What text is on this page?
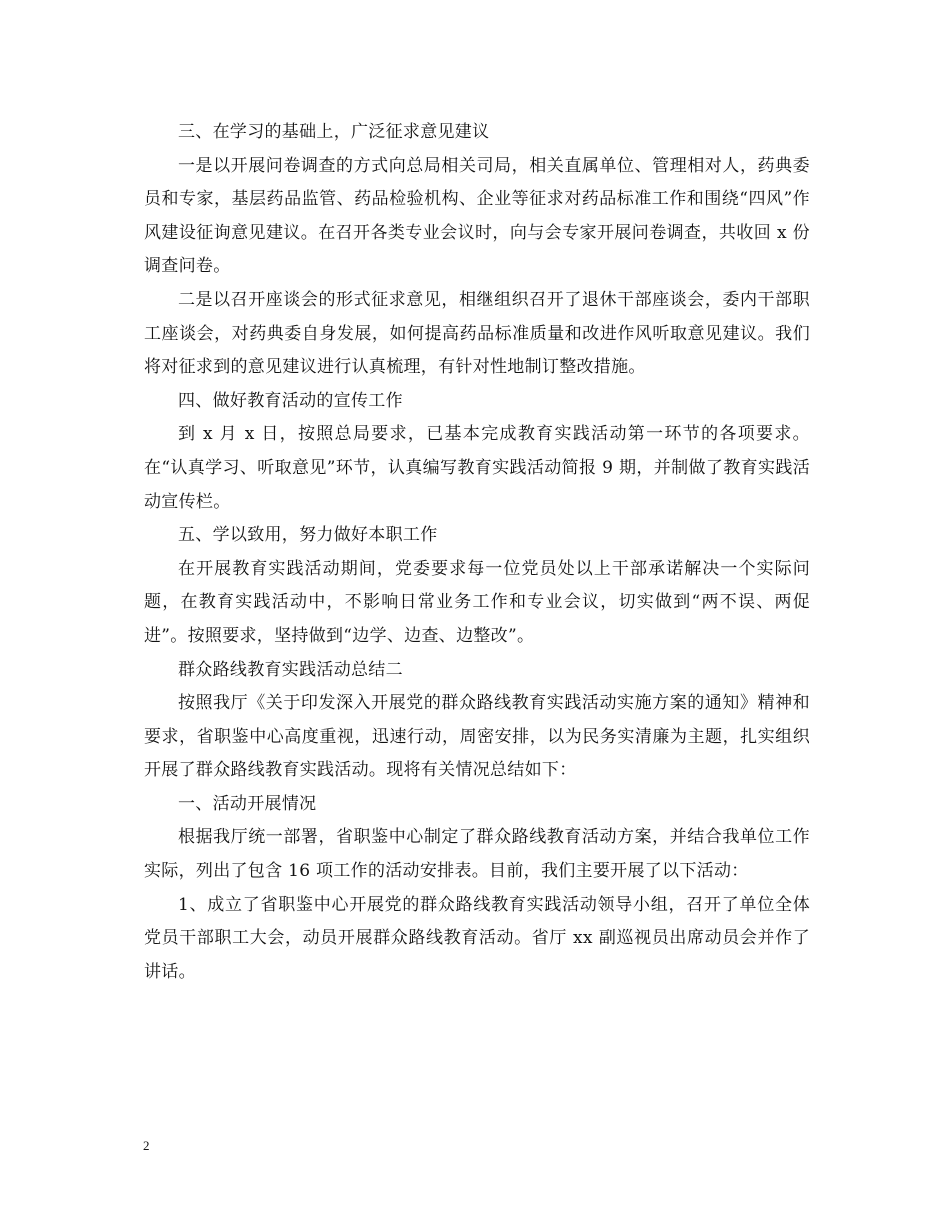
三、在学习的基础上，广泛征求意见建议

一是以开展问卷调查的方式向总局相关司局，相关直属单位、管理相对人，药典委员和专家，基层药品监管、药品检验机构、企业等征求对药品标准工作和围绕“四风”作风建设征询意见建议。在召开各类专业会议时，向与会专家开展问卷调查，共收回 x 份调查问卷。

二是以召开座谈会的形式征求意见，相继组织召开了退休干部座谈会，委内干部职工座谈会，对药典委自身发展，如何提高药品标准质量和改进作风听取意见建议。我们将对征求到的意见建议进行认真梳理，有针对性地制订整改措施。

四、做好教育活动的宣传工作

到 x 月 x 日，按照总局要求，已基本完成教育实践活动第一环节的各项要求。在“认真学习、听取意见”环节，认真编写教育实践活动简报 9 期，并制做了教育实践活动宣传栏。

五、学以致用，努力做好本职工作

在开展教育实践活动期间，党委要求每一位党员处以上干部承诺解决一个实际问题，在教育实践活动中，不影响日常业务工作和专业会议，切实做到“两不误、两促进”。按照要求，坚持做到“边学、边查、边整改”。

群众路线教育实践活动总结二

按照我厅《关于印发深入开展党的群众路线教育实践活动实施方案的通知》精神和要求，省职鉴中心高度重视，迅速行动，周密安排，以为民务实清廉为主题，扎实组织开展了群众路线教育实践活动。现将有关情况总结如下：

一、活动开展情况

根据我厅统一部署，省职鉴中心制定了群众路线教育活动方案，并结合我单位工作实际，列出了包含 16 项工作的活动安排表。目前，我们主要开展了以下活动：

1、成立了省职鉴中心开展党的群众路线教育实践活动领导小组，召开了单位全体党员干部职工大会，动员开展群众路线教育活动。省厅 xx 副巡视员出席动员会并作了讲话。

2
